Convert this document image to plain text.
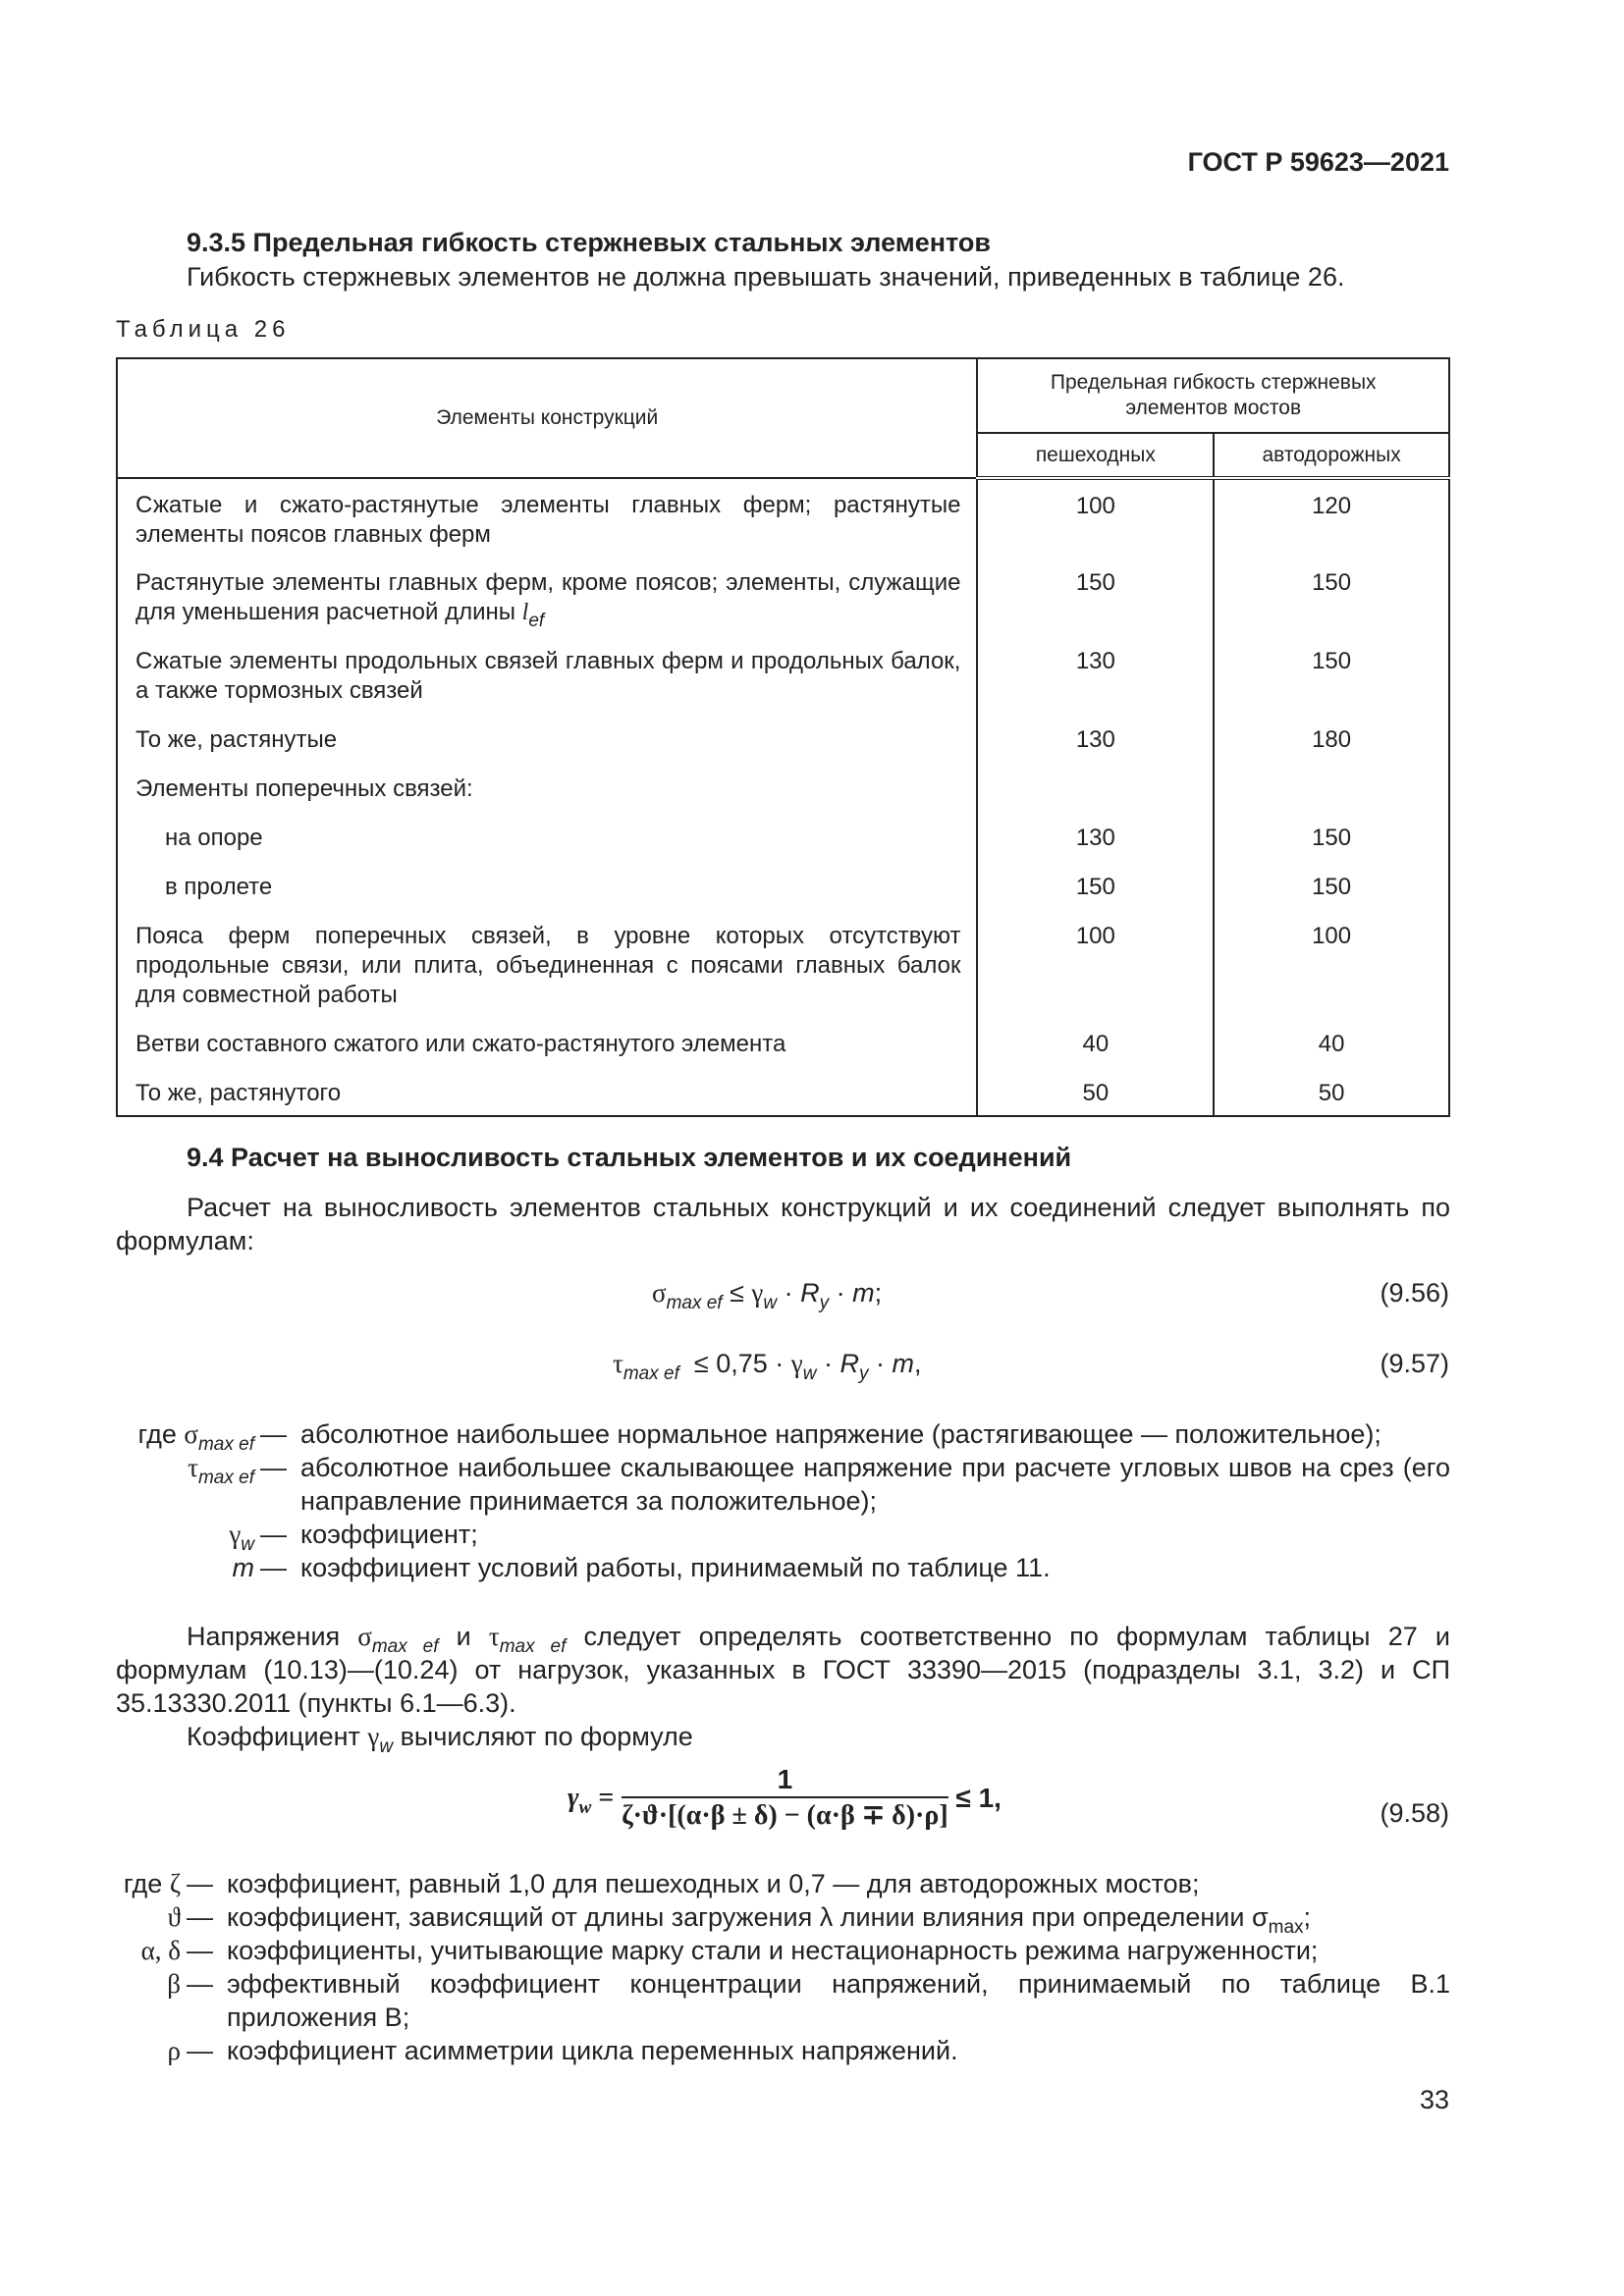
ГОСТ Р 59623—2021
9.3.5 Предельная гибкость стержневых стальных элементов
Гибкость стержневых элементов не должна превышать значений, приведенных в таблице 26.
Таблица 26
Элементы конструкций	Предельная гибкость стержневых элементов мостов	
	пешеходных	автодорожных
Сжатые и сжато-растянутые элементы главных ферм; растянутые элементы поясов главных ферм	100	120
Растянутые элементы главных ферм, кроме поясов; элементы, служащие для уменьшения расчетной длины $l_{ef}$	150	150
Сжатые элементы продольных связей главных ферм и продольных балок, а также тормозных связей	130	150
То же, растянутые	130	180
Элементы поперечных связей:		
на опоре	130	150
в пролете	150	150
Пояса ферм поперечных связей, в уровне которых отсутствуют продольные связи, или плита, объединенная с поясами главных балок для совместной работы	100	100
Ветви составного сжатого или сжато-растянутого элемента	40	40
То же, растянутого	50	50
9.4 Расчет на выносливость стальных элементов и их соединений
Расчет на выносливость элементов стальных конструкций и их соединений следует выполнять по формулам:
$\sigma_{max ef} \le \gamma_w \cdot R_y \cdot m$;	(9.56)
$\tau_{max ef} \le 0,75 \cdot \gamma_w \cdot R_y \cdot m$,	(9.57)
где $\sigma_{max ef}$ — абсолютное наибольшее нормальное напряжение (растягивающее — положительное);
$\tau_{max ef}$ — абсолютное наибольшее скалывающее напряжение при расчете угловых швов на срез (его направление принимается за положительное);
$\gamma_w$ — коэффициент;
m — коэффициент условий работы, принимаемый по таблице 11.
Напряжения $\sigma_{max ef}$ и $\tau_{max ef}$ следует определять соответственно по формулам таблицы 27 и формулам (10.13)—(10.24) от нагрузок, указанных в ГОСТ 33390—2015 (подразделы 3.1, 3.2) и СП 35.13330.2011 (пункты 6.1—6.3).
Коэффициент $\gamma_w$ вычисляют по формуле
$\gamma_w = \frac{1}{\zeta\cdot ϑ\cdot[(\alpha\cdot\beta \pm \delta) - (\alpha\cdot\beta \mp \delta)\cdot\rho]} \le 1$,	(9.58)
где ζ — коэффициент, равный 1,0 для пешеходных и 0,7 — для автодорожных мостов;
ϑ — коэффициент, зависящий от длины загружения λ линии влияния при определении $\sigma_{max}$;
α, δ — коэффициенты, учитывающие марку стали и нестационарность режима нагруженности;
β — эффективный коэффициент концентрации напряжений, принимаемый по таблице В.1 приложения В;
ρ — коэффициент асимметрии цикла переменных напряжений.
33
